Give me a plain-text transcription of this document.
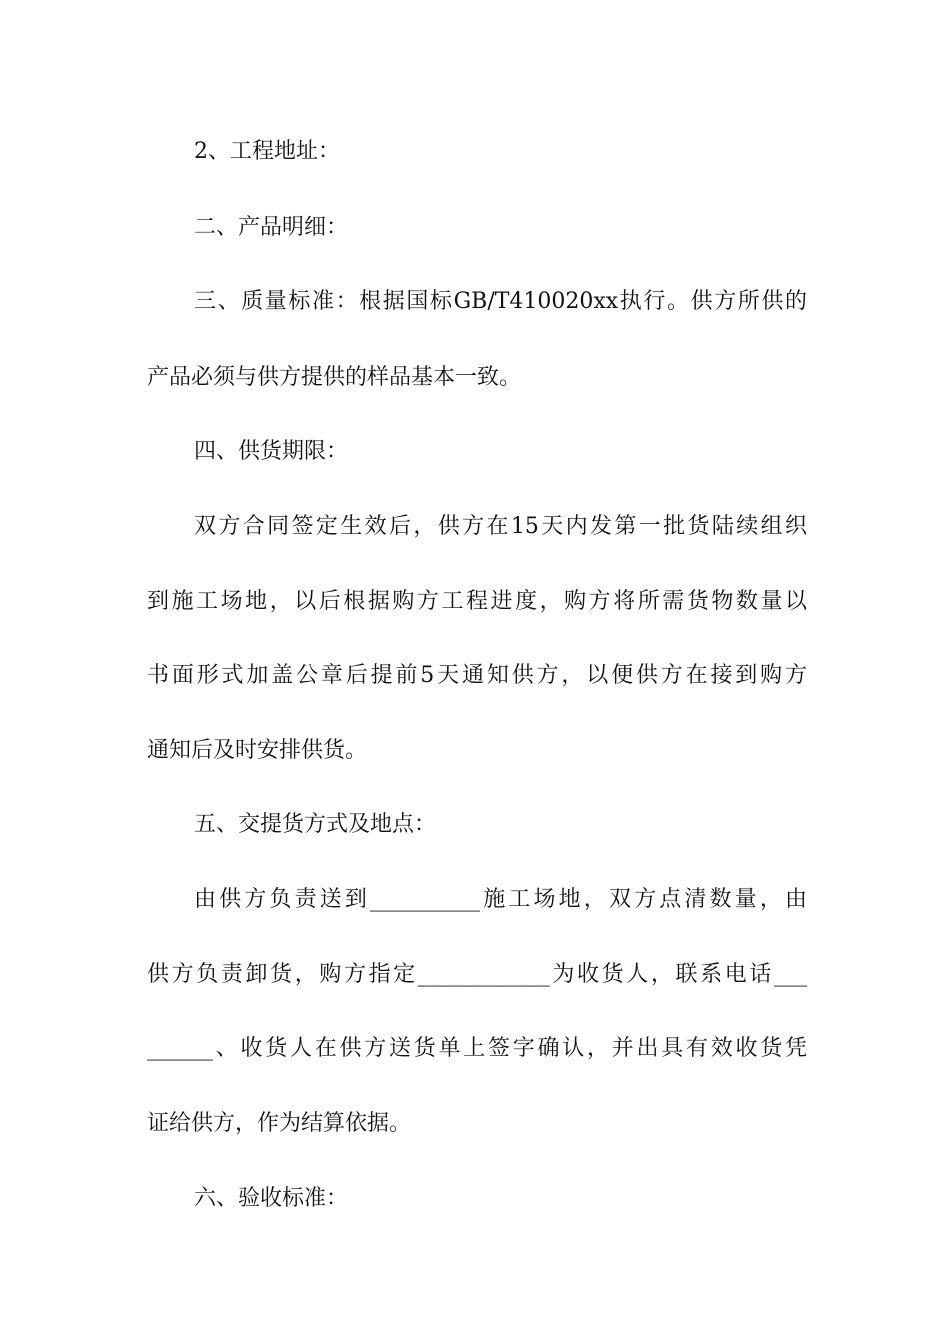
2、工程地址：
二、产品明细：
三、质量标准：根据国标GB/T410020xx执行。供方所供的
产品必须与供方提供的样品基本一致。
四、供货期限：
双方合同签定生效后，供方在15天内发第一批货陆续组织
到施工场地，以后根据购方工程进度，购方将所需货物数量以
书面形式加盖公章后提前5天通知供方，以便供方在接到购方
通知后及时安排供货。
五、交提货方式及地点：
由供方负责送到__________施工场地，双方点清数量，由
供方负责卸货，购方指定____________为收货人，联系电话___
______、收货人在供方送货单上签字确认，并出具有效收货凭
证给供方，作为结算依据。
六、验收标准：
